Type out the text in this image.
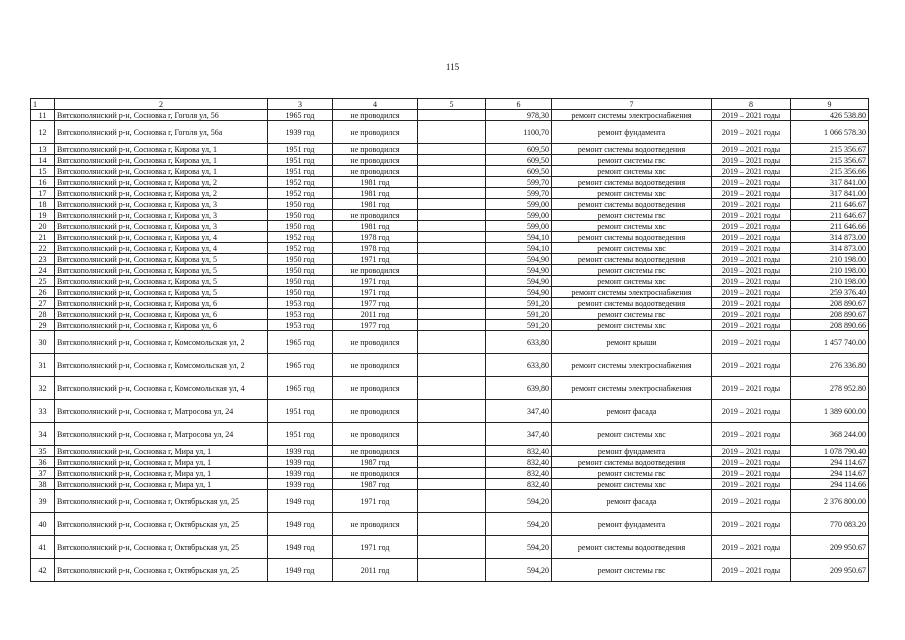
115
1	2	3	4	5	6	7	8	9
11	Вятскополянский р-н, Сосновка г, Гоголя ул, 56	1965 год	не проводился		978,30	ремонт системы электроснабжения	2019 – 2021 годы	426 538.80
12	Вятскополянский р-н, Сосновка г, Гоголя ул, 56а	1939 год	не проводился		1100,70	ремонт фундамента	2019 – 2021 годы	1 066 578.30
13	Вятскополянский р-н, Сосновка г, Кирова ул, 1	1951 год	не проводился		609,50	ремонт системы водоотведения	2019 – 2021 годы	215 356.67
14	Вятскополянский р-н, Сосновка г, Кирова ул, 1	1951 год	не проводился		609,50	ремонт системы гвс	2019 – 2021 годы	215 356.67
15	Вятскополянский р-н, Сосновка г, Кирова ул, 1	1951 год	не проводился		609,50	ремонт системы хвс	2019 – 2021 годы	215 356.66
16	Вятскополянский р-н, Сосновка г, Кирова ул, 2	1952 год	1981 год		599,70	ремонт системы водоотведения	2019 – 2021 годы	317 841.00
17	Вятскополянский р-н, Сосновка г, Кирова ул, 2	1952 год	1981 год		599,70	ремонт системы хвс	2019 – 2021 годы	317 841.00
18	Вятскополянский р-н, Сосновка г, Кирова ул, 3	1950 год	1981 год		599,00	ремонт системы водоотведения	2019 – 2021 годы	211 646.67
19	Вятскополянский р-н, Сосновка г, Кирова ул, 3	1950 год	не проводился		599,00	ремонт системы гвс	2019 – 2021 годы	211 646.67
20	Вятскополянский р-н, Сосновка г, Кирова ул, 3	1950 год	1981 год		599,00	ремонт системы хвс	2019 – 2021 годы	211 646.66
21	Вятскополянский р-н, Сосновка г, Кирова ул, 4	1952 год	1978 год		594,10	ремонт системы водоотведения	2019 – 2021 годы	314 873.00
22	Вятскополянский р-н, Сосновка г, Кирова ул, 4	1952 год	1978 год		594,10	ремонт системы хвс	2019 – 2021 годы	314 873.00
23	Вятскополянский р-н, Сосновка г, Кирова ул, 5	1950 год	1971 год		594,90	ремонт системы водоотведения	2019 – 2021 годы	210 198.00
24	Вятскополянский р-н, Сосновка г, Кирова ул, 5	1950 год	не проводился		594,90	ремонт системы гвс	2019 – 2021 годы	210 198.00
25	Вятскополянский р-н, Сосновка г, Кирова ул, 5	1950 год	1971 год		594,90	ремонт системы хвс	2019 – 2021 годы	210 198.00
26	Вятскополянский р-н, Сосновка г, Кирова ул, 5	1950 год	1971 год		594,90	ремонт системы электроснабжения	2019 – 2021 годы	259 376.40
27	Вятскополянский р-н, Сосновка г, Кирова ул, 6	1953 год	1977 год		591,20	ремонт системы водоотведения	2019 – 2021 годы	208 890.67
28	Вятскополянский р-н, Сосновка г, Кирова ул, 6	1953 год	2011 год		591,20	ремонт системы гвс	2019 – 2021 годы	208 890.67
29	Вятскополянский р-н, Сосновка г, Кирова ул, 6	1953 год	1977 год		591,20	ремонт системы хвс	2019 – 2021 годы	208 890.66
30	Вятскополянский р-н, Сосновка г, Комсомольская ул, 2	1965 год	не проводился		633,80	ремонт крыши	2019 – 2021 годы	1 457 740.00
31	Вятскополянский р-н, Сосновка г, Комсомольская ул, 2	1965 год	не проводился		633,80	ремонт системы электроснабжения	2019 – 2021 годы	276 336.80
32	Вятскополянский р-н, Сосновка г, Комсомольская ул, 4	1965 год	не проводился		639,80	ремонт системы электроснабжения	2019 – 2021 годы	278 952.80
33	Вятскополянский р-н, Сосновка г, Матросова ул, 24	1951 год	не проводился		347,40	ремонт фасада	2019 – 2021 годы	1 389 600.00
34	Вятскополянский р-н, Сосновка г, Матросова ул, 24	1951 год	не проводился		347,40	ремонт системы хвс	2019 – 2021 годы	368 244.00
35	Вятскополянский р-н, Сосновка г, Мира ул, 1	1939 год	не проводился		832,40	ремонт фундамента	2019 – 2021 годы	1 078 790.40
36	Вятскополянский р-н, Сосновка г, Мира ул, 1	1939 год	1987 год		832,40	ремонт системы водоотведения	2019 – 2021 годы	294 114.67
37	Вятскополянский р-н, Сосновка г, Мира ул, 1	1939 год	не проводился		832,40	ремонт системы гвс	2019 – 2021 годы	294 114.67
38	Вятскополянский р-н, Сосновка г, Мира ул, 1	1939 год	1987 год		832,40	ремонт системы хвс	2019 – 2021 годы	294 114.66
39	Вятскополянский р-н, Сосновка г, Октябрьская ул, 25	1949 год	1971 год		594,20	ремонт фасада	2019 – 2021 годы	2 376 800.00
40	Вятскополянский р-н, Сосновка г, Октябрьская ул, 25	1949 год	не проводился		594,20	ремонт фундамента	2019 – 2021 годы	770 083.20
41	Вятскополянский р-н, Сосновка г, Октябрьская ул, 25	1949 год	1971 год		594,20	ремонт системы водоотведения	2019 – 2021 годы	209 950.67
42	Вятскополянский р-н, Сосновка г, Октябрьская ул, 25	1949 год	2011 год		594,20	ремонт системы гвс	2019 – 2021 годы	209 950.67
